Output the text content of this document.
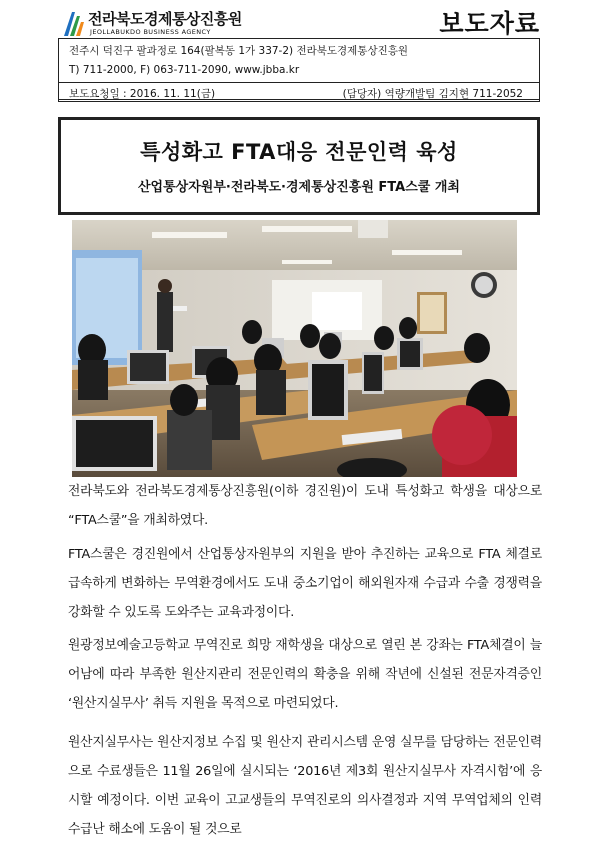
전라북도경제통상진흥원
JEOLLABUKDO BUSINESS AGENCY	보도자료
전주시 덕진구 팔과정로 164(팔복동 1가 337-2) 전라북도경제통상진흥원
T) 711-2000, F) 063-711-2090, www.jbba.kr
보도요청일 : 2016. 11. 11(금)	(담당자) 역량개발팀 김지현 711-2052
특성화고 FTA대응 전문인력 육성
산업통상자원부·전라북도·경제통상진흥원 FTA스쿨 개최
전라북도와 전라북도경제통상진흥원(이하 경진원)이 도내 특성화고 학생을 대상으로 “FTA스쿨”을 개최하였다.
FTA스쿨은 경진원에서 산업통상자원부의 지원을 받아 추진하는 교육으로 FTA 체결로 급속하게 변화하는 무역환경에서도 도내 중소기업이 해외원자재 수급과 수출 경쟁력을 강화할 수 있도록 도와주는 교육과정이다.
원광정보예술고등학교 무역진로 희망 재학생을 대상으로 열린 본 강좌는 FTA체결이 늘어남에 따라 부족한 원산지관리 전문인력의 확충을 위해 작년에 신설된 전문자격증인 ‘원산지실무사’ 취득 지원을 목적으로 마련되었다.
원산지실무사는 원산지정보 수집 및 원산지 관리시스템 운영 실무를 담당하는 전문인력으로 수료생들은 11월 26일에 실시되는 ‘2016년 제3회 원산지실무사 자격시험’에 응시할 예정이다. 이번 교육이 고교생들의 무역진로의 의사결정과 지역 무역업체의 인력 수급난 해소에 도움이 될 것으로
